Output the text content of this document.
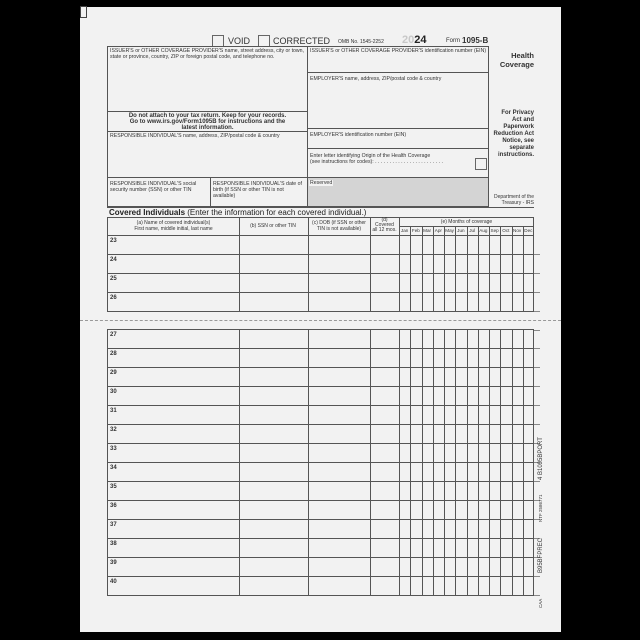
VOID	CORRECTED OMB No. 1545-2252 2024	Form 1095-B
ISSUER'S or OTHER COVERAGE PROVIDER'S name, street address, city or town, state or province, country, ZIP or foreign postal code, and telephone no.
ISSUER'S or OTHER COVERAGE PROVIDER'S identification number (EIN)
EMPLOYER'S name, address, ZIP/postal code & country
Do not attach to your tax return. Keep for your records.
Go to www.irs.gov/Form1095B for instructions and the
latest information.
RESPONSIBLE INDIVIDUAL'S name, address, ZIP/postal code & country	EMPLOYER'S identification number (EIN)
Enter letter identifying Origin of the Health Coverage
(see instructions for codes): . . . . . . . . . . . . . . . . . . . . . . . .
RESPONSIBLE INDIVIDUAL'S social security number (SSN) or other TIN
RESPONSIBLE INDIVIDUAL'S date of birth (if SSN or other TIN is not available)
Reserved
Health
Coverage
For Privacy Act and Paperwork Reduction Act Notice, see separate instructions.
Department of the Treasury - IRS
Covered Individuals (Enter the information for each covered individual.)
(a) Name of covered individual(s)
First name, middle initial, last name	(b) SSN or other TIN	(c) DOB (if SSN or other TIN is not available)
(d)
Covered
all 12 mos.
(e) Months of coverage
Jan Feb Mar Apr May Jun	Jul Aug Sep Oct Nov Dec
23
24
25
26
27
28
29
30
31
32
33
34
35
36
37
38
39
40
4 B1095BPORT
NTF 2586771
B95BFPREC
CAA
